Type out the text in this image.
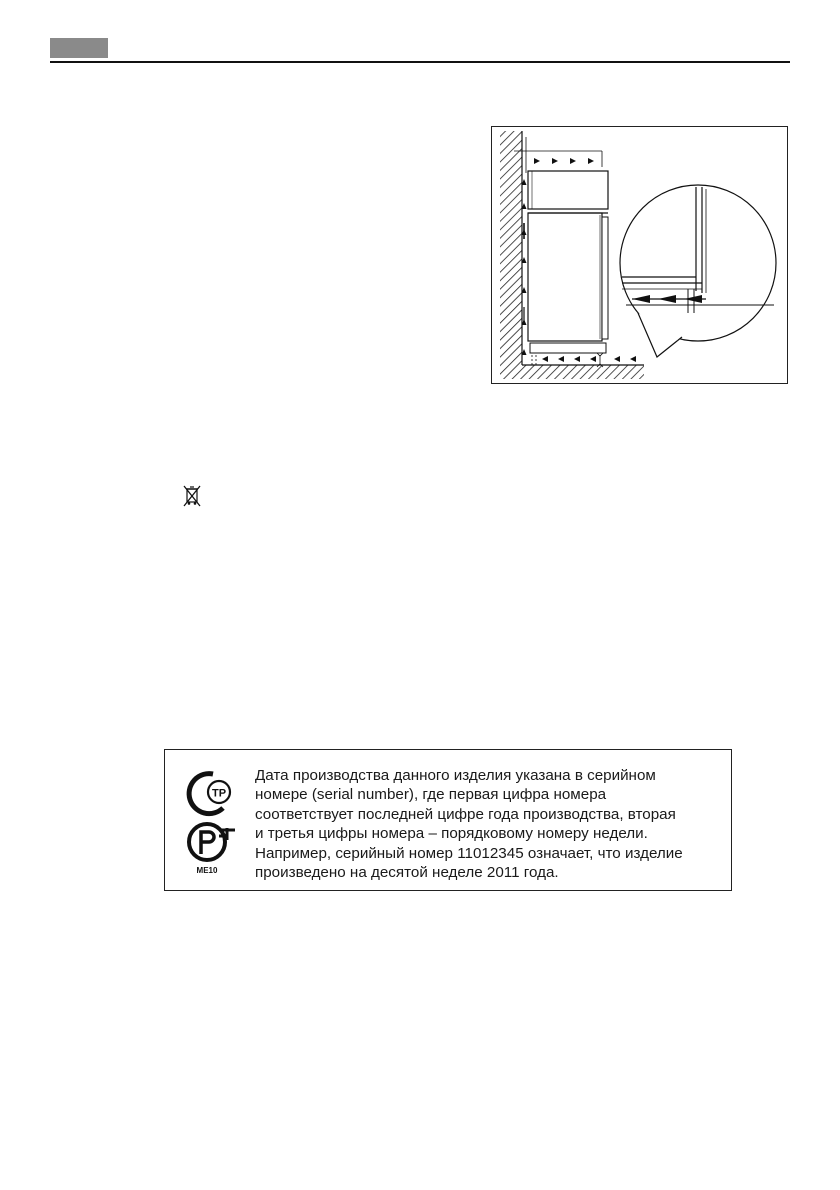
ТР
ME10

Дата производства данного изделия указана в серийном

номере (serial number), где первая цифра номера

соответствует последней цифре года производства, вторая

и третья цифры номера – порядковому номеру недели.

Например, серийный номер 11012345 означает, что изделие

произведено на десятой неделе 2011 года.
